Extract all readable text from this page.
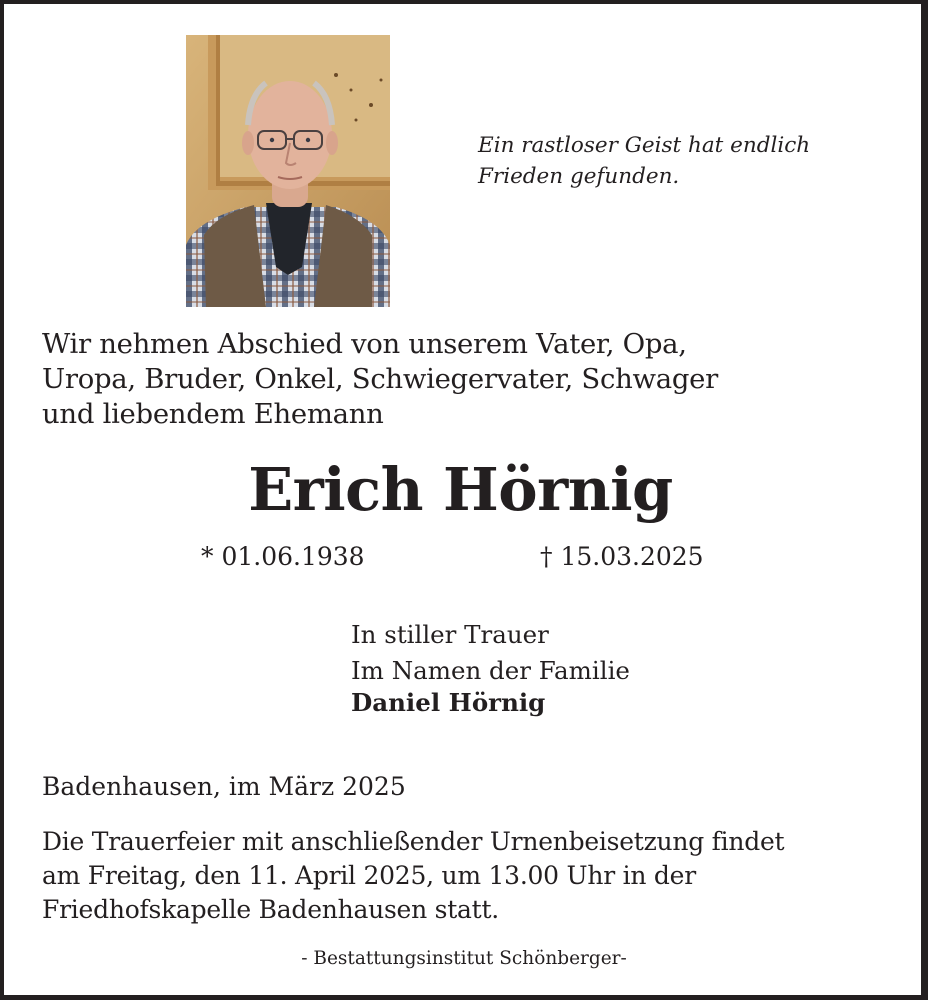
Ein rastloser Geist hat endlich
Frieden gefunden.
Wir nehmen Abschied von unserem Vater, Opa,
Uropa, Bruder, Onkel, Schwiegervater, Schwager
und liebendem Ehemann
Erich Hörnig
* 01.06.1938	† 15.03.2025
In stiller Trauer
Im Namen der Familie
Daniel Hörnig
Badenhausen, im März 2025
Die Trauerfeier mit anschließender Urnenbeisetzung findet
am Freitag, den 11. April 2025, um 13.00 Uhr in der
Friedhofskapelle Badenhausen statt.
- Bestattungsinstitut Schönberger-
